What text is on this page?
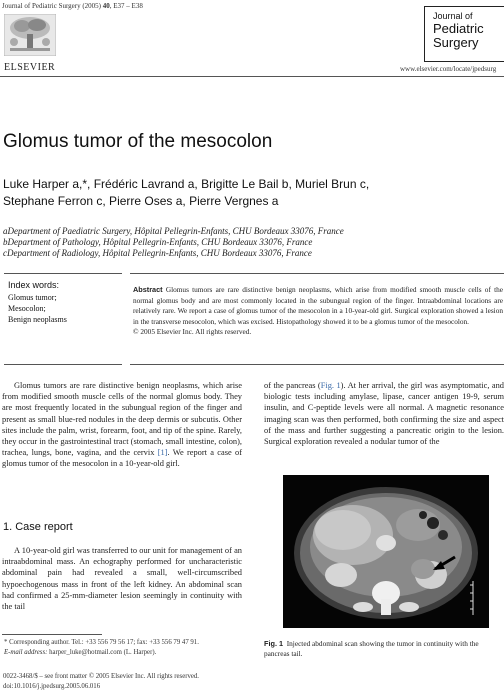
Journal of Pediatric Surgery (2005) 40, E37 – E38
ELSEVIER
Journal of
Pediatric
Surgery
www.elsevier.com/locate/jpedsurg
Glomus tumor of the mesocolon
Luke Harper a,*, Frédéric Lavrand a, Brigitte Le Bail b, Muriel Brun c,
Stephane Ferron c, Pierre Oses a, Pierre Vergnes a
aDepartment of Paediatric Surgery, Hôpital Pellegrin-Enfants, CHU Bordeaux 33076, France
bDepartment of Pathology, Hôpital Pellegrin-Enfants, CHU Bordeaux 33076, France
cDepartment of Radiology, Hôpital Pellegrin-Enfants, CHU Bordeaux 33076, France
Index words:
Glomus tumor;
Mesocolon;
Benign neoplasms
Abstract Glomus tumors are rare distinctive benign neoplasms, which arise from modified smooth muscle cells of the normal glomus body and are most commonly located in the subungual region of the finger. Intraabdominal locations are relatively rare. We report a case of glomus tumor of the mesocolon in a 10-year-old girl. Surgical exploration showed a lesion in the transverse mesocolon, which was excised. Histopathology showed it to be a glomus tumor of the mesocolon.
© 2005 Elsevier Inc. All rights reserved.

Glomus tumors are rare distinctive benign neoplasms, which arise from modified smooth muscle cells of the normal glomus body. They are most frequently located in the subungual region of the finger and present as small blue-red nodules in the deep dermis or subcutis. Other sites include the palm, wrist, forearm, foot, and tip of the spine. Rarely, they occur in the gastrointestinal tract (stomach, small intestine, colon), trachea, lungs, bone, vagina, and the cervix [1]. We report a case of glomus tumor of the mesocolon in a 10-year-old girl.

1. Case report

A 10-year-old girl was transferred to our unit for management of an intraabdominal mass. An echography performed for uncharacteristic abdominal pain had revealed a small, well-circumscribed hypoechogenous mass in front of the left kidney. An abdominal scan had confirmed a 25-mm-diameter lesion seemingly in continuity with the tail

* Corresponding author. Tel.: +33 556 79 56 17; fax: +33 556 79 47 91.
E-mail address: harper_luke@hotmail.com (L. Harper).
0022-3468/$ – see front matter © 2005 Elsevier Inc. All rights reserved.
doi:10.1016/j.jpedsurg.2005.06.016

of the pancreas (Fig. 1). At her arrival, the girl was asymptomatic, and biologic tests including amylase, lipase, cancer antigen 19-9, serum insulin, and C-peptide levels were all normal. A magnetic resonance imaging scan was then performed, both confirming the size and aspect of the mass and further suggesting a pancreatic origin to the lesion. Surgical exploration revealed a nodular tumor of the

Fig. 1 Injected abdominal scan showing the tumor in continuity with the pancreas tail.
